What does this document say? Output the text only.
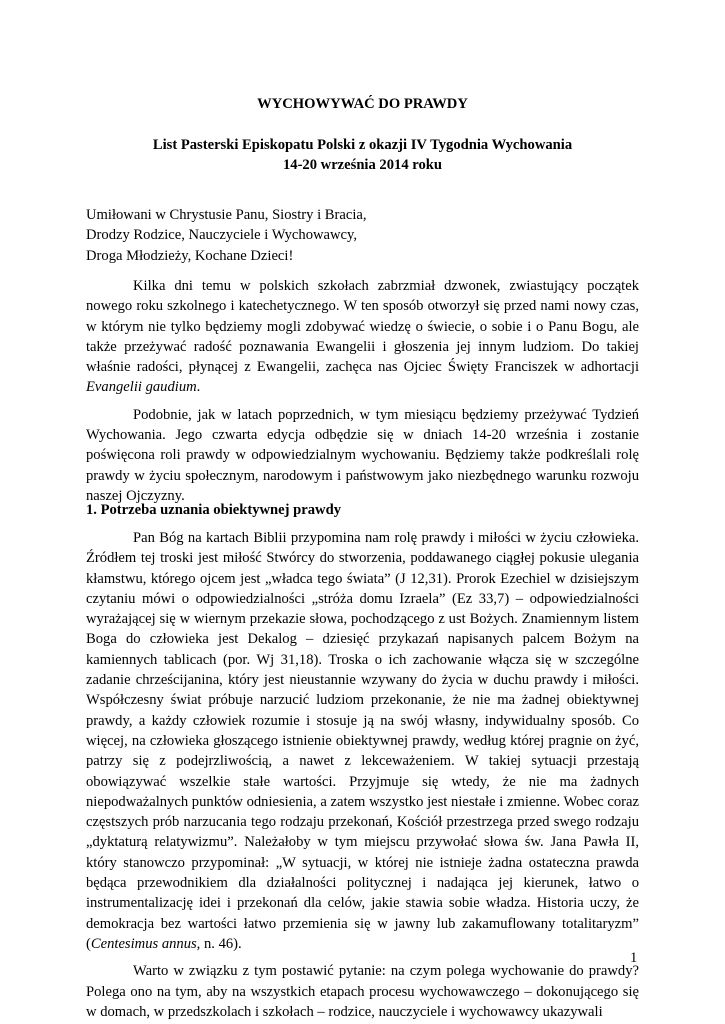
WYCHOWYWAĆ DO PRAWDY
List Pasterski Episkopatu Polski z okazji IV Tygodnia Wychowania
14-20 września 2014 roku
Umiłowani w Chrystusie Panu, Siostry i Bracia,
Drodzy Rodzice, Nauczyciele i Wychowawcy,
Droga Młodzieży, Kochane Dzieci!

Kilka dni temu w polskich szkołach zabrzmiał dzwonek, zwiastujący początek nowego roku szkolnego i katechetycznego. W ten sposób otworzył się przed nami nowy czas, w którym nie tylko będziemy mogli zdobywać wiedzę o świecie, o sobie i o Panu Bogu, ale także przeżywać radość poznawania Ewangelii i głoszenia jej innym ludziom. Do takiej właśnie radości, płynącej z Ewangelii, zachęca nas Ojciec Święty Franciszek w adhortacji Evangelii gaudium.

Podobnie, jak w latach poprzednich, w tym miesiącu będziemy przeżywać Tydzień Wychowania. Jego czwarta edycja odbędzie się w dniach 14-20 września i zostanie poświęcona roli prawdy w odpowiedzialnym wychowaniu. Będziemy także podkreślali rolę prawdy w życiu społecznym, narodowym i państwowym jako niezbędnego warunku rozwoju naszej Ojczyzny.

1. Potrzeba uznania obiektywnej prawdy

Pan Bóg na kartach Biblii przypomina nam rolę prawdy i miłości w życiu człowieka. Źródłem tej troski jest miłość Stwórcy do stworzenia, poddawanego ciągłej pokusie ulegania kłamstwu, którego ojcem jest „władca tego świata” (J 12,31). Prorok Ezechiel w dzisiejszym czytaniu mówi o odpowiedzialności „stróża domu Izraela” (Ez 33,7) – odpowiedzialności wyrażającej się w wiernym przekazie słowa, pochodzącego z ust Bożych. Znamiennym listem Boga do człowieka jest Dekalog – dziesięć przykazań napisanych palcem Bożym na kamiennych tablicach (por. Wj 31,18). Troska o ich zachowanie włącza się w szczególne zadanie chrześcijanina, który jest nieustannie wzywany do życia w duchu prawdy i miłości. Współczesny świat próbuje narzucić ludziom przekonanie, że nie ma żadnej obiektywnej prawdy, a każdy człowiek rozumie i stosuje ją na swój własny, indywidualny sposób. Co więcej, na człowieka głoszącego istnienie obiektywnej prawdy, według której pragnie on żyć, patrzy się z podejrzliwością, a nawet z lekceważeniem. W takiej sytuacji przestają obowiązywać wszelkie stałe wartości. Przyjmuje się wtedy, że nie ma żadnych niepodważalnych punktów odniesienia, a zatem wszystko jest niestałe i zmienne. Wobec coraz częstszych prób narzucania tego rodzaju przekonań, Kościół przestrzega przed swego rodzaju „dyktaturą relatywizmu”. Należałoby w tym miejscu przywołać słowa św. Jana Pawła II, który stanowczo przypominał: „W sytuacji, w której nie istnieje żadna ostateczna prawda będąca przewodnikiem dla działalności politycznej i nadająca jej kierunek, łatwo o instrumentalizację idei i przekonań dla celów, jakie stawia sobie władza. Historia uczy, że demokracja bez wartości łatwo przemienia się w jawny lub zakamuflowany totalitaryzm” (Centesimus annus, n. 46).

Warto w związku z tym postawić pytanie: na czym polega wychowanie do prawdy? Polega ono na tym, aby na wszystkich etapach procesu wychowawczego – dokonującego się w domach, w przedszkolach i szkołach – rodzice, nauczyciele i wychowawcy ukazywali

1
